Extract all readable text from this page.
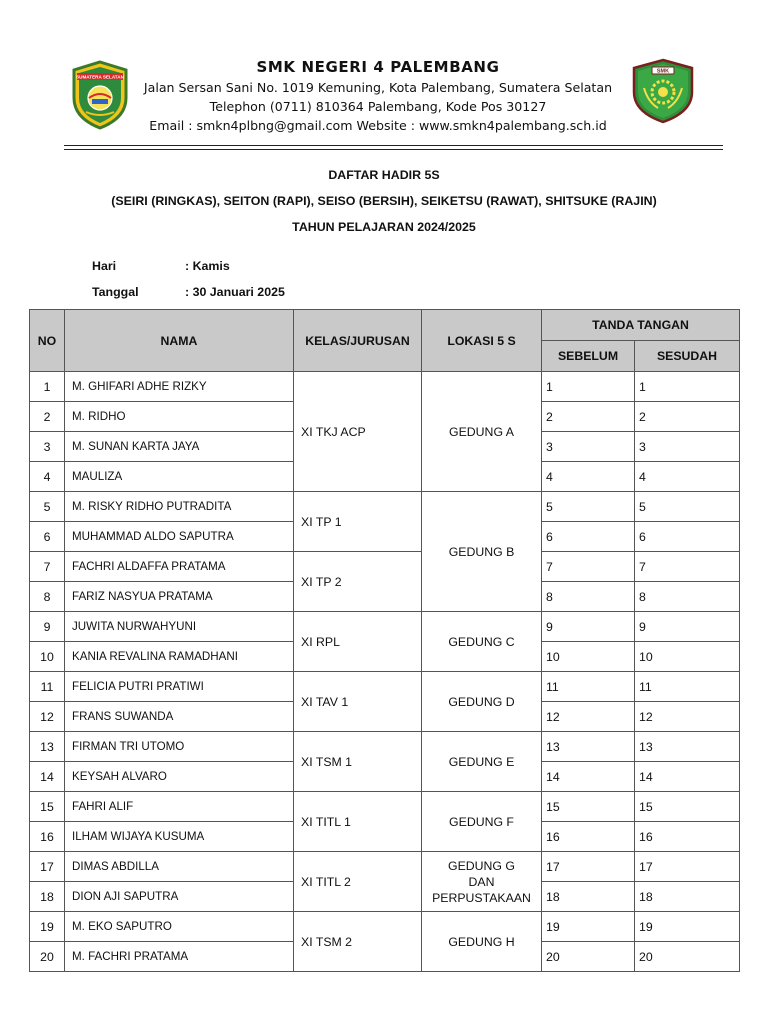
SUMATERA SELATAN
SMK NEGERI 4 PALEMBANG
Jalan Sersan Sani No. 1019 Kemuning, Kota Palembang, Sumatera Selatan
Telephon (0711) 810364 Palembang, Kode Pos 30127
Email : smkn4plbng@gmail.com Website : www.smkn4palembang.sch.id
SMK
DAFTAR HADIR 5S
(SEIRI (RINGKAS), SEITON (RAPI), SEISO (BERSIH), SEIKETSU (RAWAT), SHITSUKE (RAJIN)
TAHUN PELAJARAN 2024/2025
Hari	: Kamis
Tanggal	: 30 Januari 2025
NO	NAMA	KELAS/JURUSAN	LOKASI 5 S	TANDA TANGAN	
				SEBELUM	SESUDAH
1	M. GHIFARI ADHE RIZKY	XI TKJ ACP	GEDUNG A	1	1
2	M. RIDHO			2	2
3	M. SUNAN KARTA JAYA			3	3
4	MAULIZA			4	4
5	M. RISKY RIDHO PUTRADITA	XI TP 1	GEDUNG B	5	5
6	MUHAMMAD ALDO SAPUTRA			6	6
7	FACHRI ALDAFFA PRATAMA	XI TP 2		7	7
8	FARIZ NASYUA PRATAMA			8	8
9	JUWITA NURWAHYUNI	XI RPL	GEDUNG C	9	9
10	KANIA REVALINA RAMADHANI			10	10
11	FELICIA PUTRI PRATIWI	XI TAV 1	GEDUNG D	11	11
12	FRANS SUWANDA			12	12
13	FIRMAN TRI UTOMO	XI TSM 1	GEDUNG E	13	13
14	KEYSAH ALVARO			14	14
15	FAHRI ALIF	XI TITL 1	GEDUNG F	15	15
16	ILHAM WIJAYA KUSUMA			16	16
17	DIMAS ABDILLA	XI TITL 2	GEDUNG G
DAN
PERPUSTAKAAN	17	17
18	DION AJI SAPUTRA			18	18
19	M. EKO SAPUTRO	XI TSM 2	GEDUNG H	19	19
20	M. FACHRI PRATAMA			20	20
